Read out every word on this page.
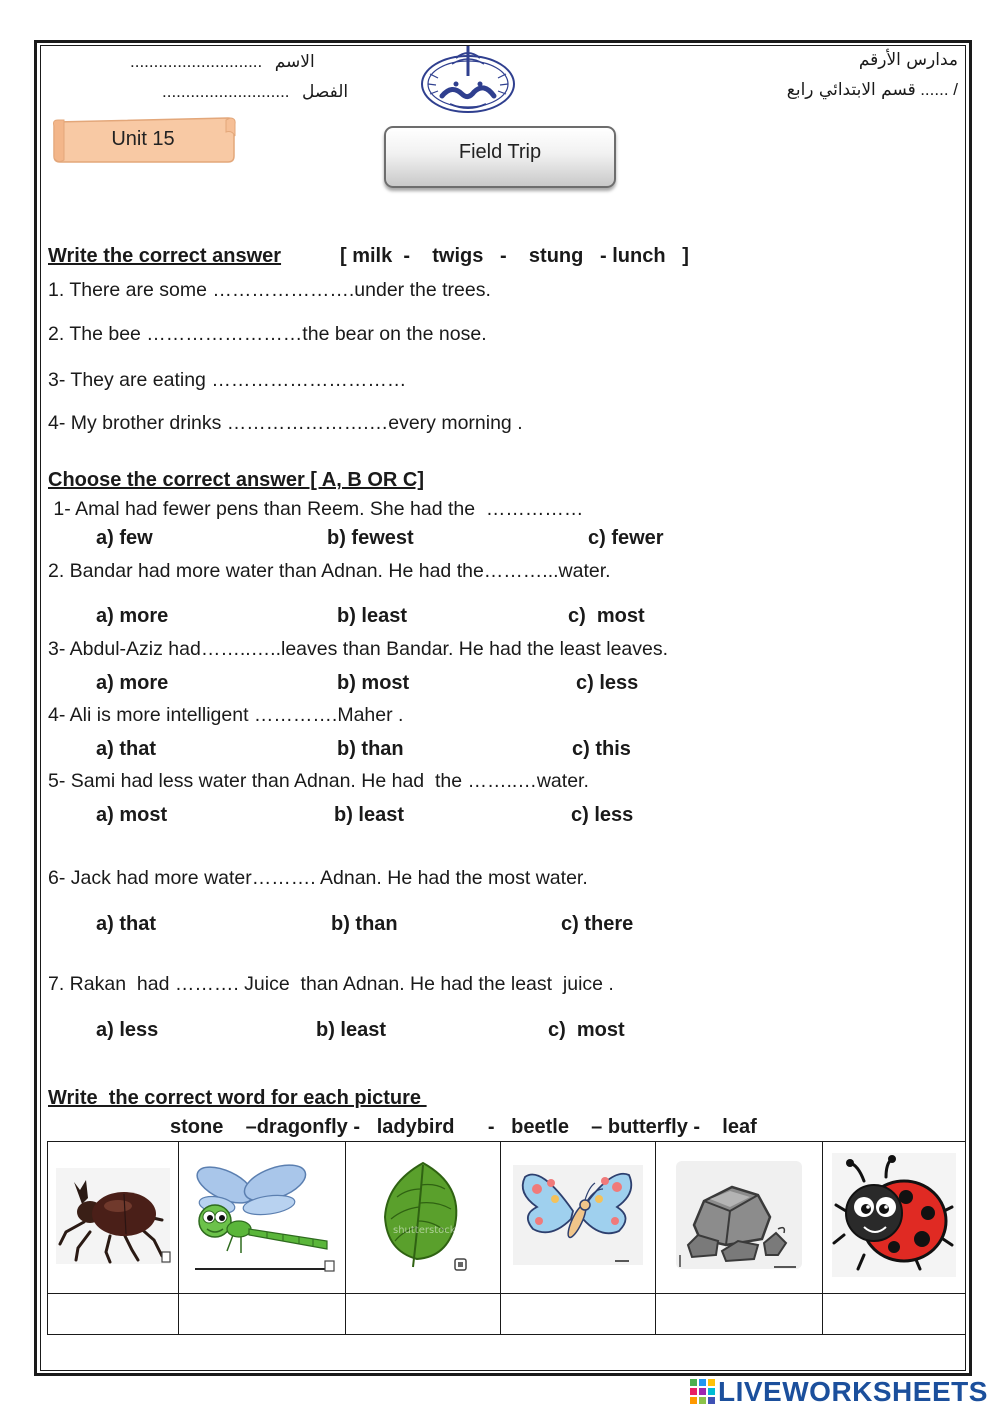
مدارس الأرقم
قسم الابتدائي رابع ...... /
............................ الاسم
........................... الفصل
Unit 15
Field Trip
Write the correct answer	[ milk  -    twigs   -    stung   - lunch   ]
1. There are some ………………….under the trees.
2. The bee ……………………the bear on the nose.
3- They are eating …………………………
4- My brother drinks ………………….…every morning .
Choose the correct answer [ A, B OR C]
1- Amal had fewer pens than Reem. She had the  ……………
a) few	b) fewest	c) fewer
2. Bandar had more water than Adnan. He had the………...water.
a) more	b) least	c)  most
3- Abdul-Aziz had……..…..leaves than Bandar. He had the least leaves.
a) more	b) most	c) less
4- Ali is more intelligent ………….Maher .
a) that	b) than	c) this
5- Sami had less water than Adnan. He had  the ……..…water.
a) most	b) least	c) less
6- Jack had more water………. Adnan. He had the most water.
a) that	b) than	c) there
7. Rakan  had ………. Juice  than Adnan. He had the least  juice .
a) less	b) least	c)  most
Write  the correct word for each picture
stone    –dragonfly -   ladybird      -   beetle    – butterfly -    leaf

shutterstock

LIVEWORKSHEETS
